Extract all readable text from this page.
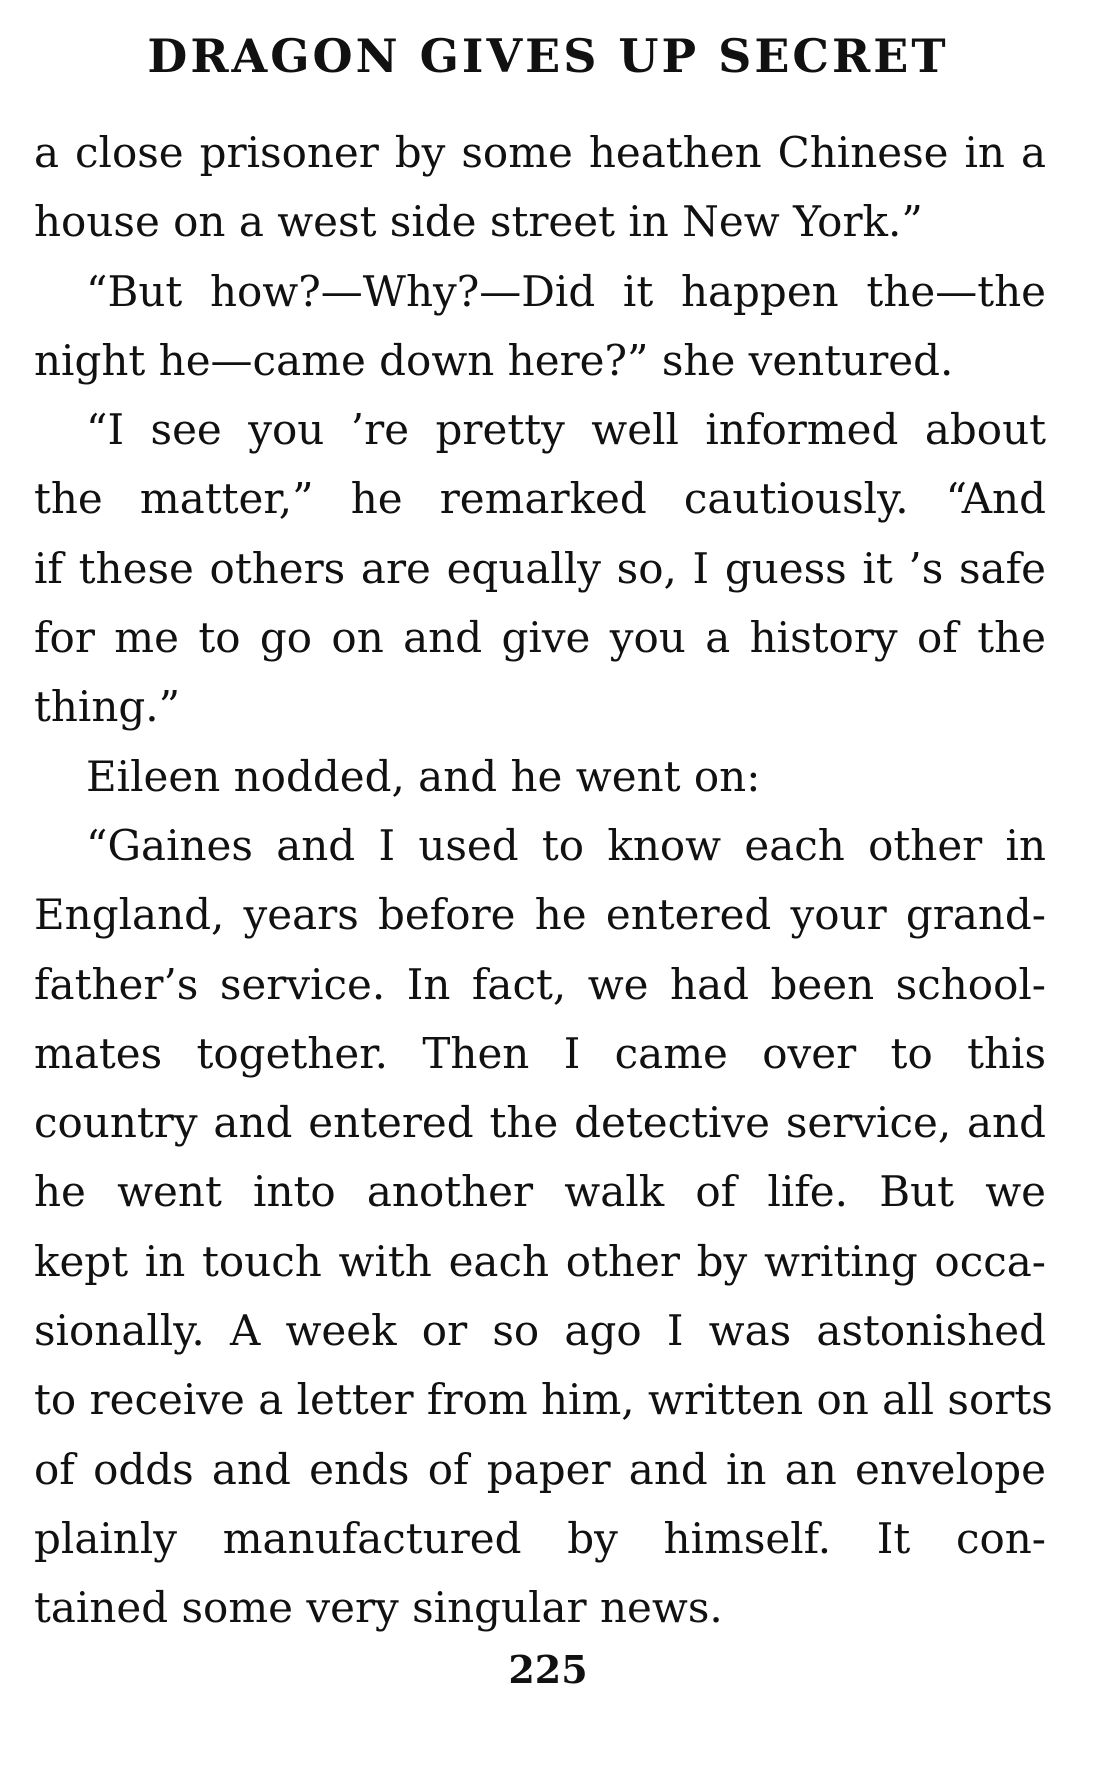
DRAGON GIVES UP SECRET
a close prisoner by some heathen Chinese in a
house on a west side street in New York.”
“But how?—Why?—Did it happen the—the
night he—came down here?” she ventured.
“I see you ’re pretty well informed about
the matter,” he remarked cautiously. “And
if these others are equally so, I guess it ’s safe
for me to go on and give you a history of the
thing.”
Eileen nodded, and he went on:
“Gaines and I used to know each other in
England, years before he entered your grand-
father’s service. In fact, we had been school-
mates together. Then I came over to this
country and entered the detective service, and
he went into another walk of life. But we
kept in touch with each other by writing occa-
sionally. A week or so ago I was astonished
to receive a letter from him, written on all sorts
of odds and ends of paper and in an envelope
plainly manufactured by himself. It con-
tained some very singular news.
225
